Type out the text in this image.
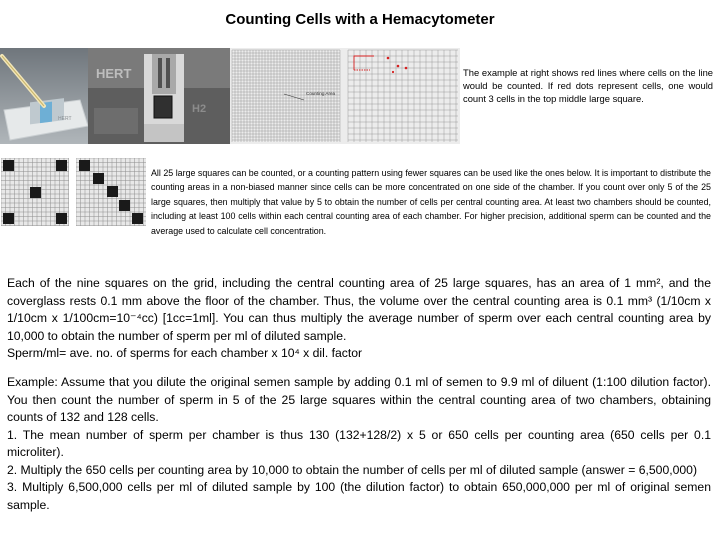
Counting Cells with a Hemacytometer
HERT
HERT
H2
Counting Area
The example at right shows red lines where cells on the line would be counted. If red dots represent cells, one would count 3 cells in the top middle large square.
All 25 large squares can be counted, or a counting pattern using fewer squares can be used like the ones below. It is important to distribute the counting areas in a non-biased manner since cells can be more concentrated on one side of the chamber. If you count over only 5 of the 25 large squares, then multiply that value by 5 to obtain the number of cells per central counting area. At least two chambers should be counted, including at least 100 cells within each central counting area of each chamber. For higher precision, additional sperm can be counted and the average used to calculate cell concentration.

Each of the nine squares on the grid, including the central counting area of 25 large squares, has an area of 1 mm², and the coverglass rests 0.1 mm above the floor of the chamber. Thus, the volume over the central counting area is 0.1 mm³ (1/10cm x 1/10cm x 1/100cm=10⁻⁴cc) [1cc=1ml]. You can thus multiply the average number of sperm over each central counting area by 10,000 to obtain the number of sperm per ml of diluted sample.

Sperm/ml= ave. no. of sperms for each chamber x 10⁴ x dil. factor

Example: Assume that you dilute the original semen sample by adding 0.1 ml of semen to 9.9 ml of diluent (1:100 dilution factor). You then count the number of sperm in 5 of the 25 large squares within the central counting area of two chambers, obtaining counts of 132 and 128 cells.

1. The mean number of sperm per chamber is thus 130 (132+128/2) x 5 or 650 cells per counting area (650 cells per 0.1 microliter).

2. Multiply the 650 cells per counting area by 10,000 to obtain the number of cells per ml of diluted sample (answer = 6,500,000)

3. Multiply 6,500,000 cells per ml of diluted sample by 100 (the dilution factor) to obtain 650,000,000 per ml of original semen sample.
